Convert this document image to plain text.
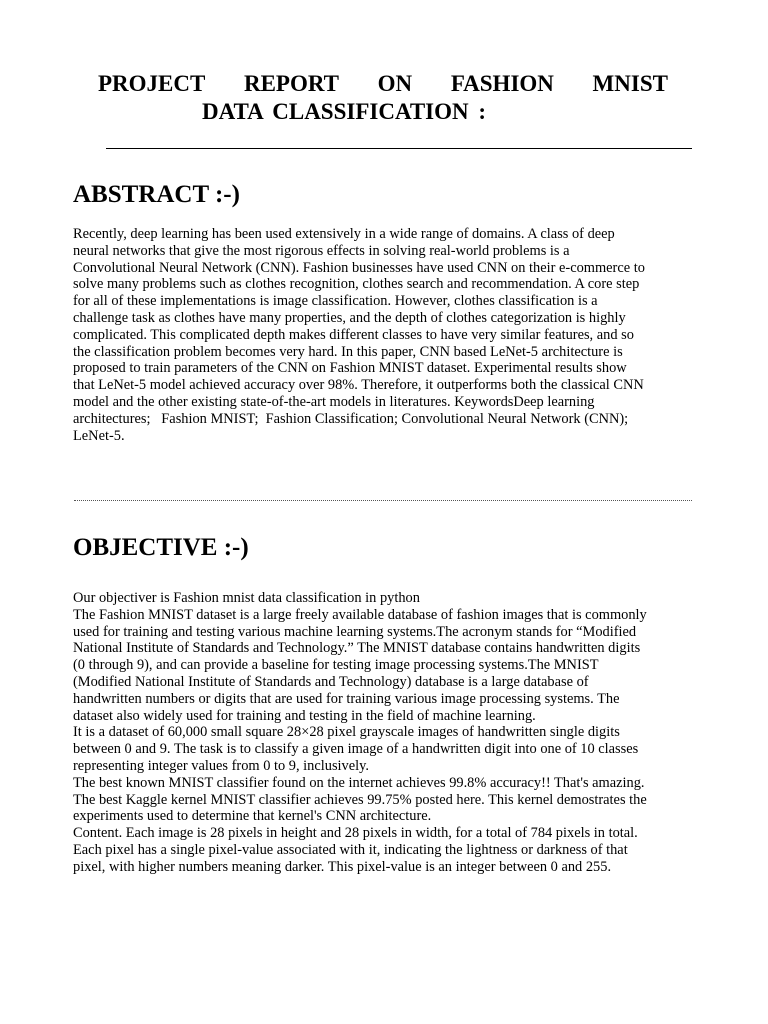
PROJECT REPORT ON FASHION MNIST
DATA CLASSIFICATION :
ABSTRACT :-)

Recently, deep learning has been used extensively in a wide range of domains. A class of deep

neural networks that give the most rigorous effects in solving real-world problems is a

Convolutional Neural Network (CNN). Fashion businesses have used CNN on their e-commerce to

solve many problems such as clothes recognition, clothes search and recommendation. A core step

for all of these implementations is image classification. However, clothes classification is a

challenge task as clothes have many properties, and the depth of clothes categorization is highly

complicated. This complicated depth makes different classes to have very similar features, and so

the classification problem becomes very hard. In this paper, CNN based LeNet-5 architecture is

proposed to train parameters of the CNN on Fashion MNIST dataset. Experimental results show

that LeNet-5 model achieved accuracy over 98%. Therefore, it outperforms both the classical CNN

model and the other existing state-of-the-art models in literatures. KeywordsDeep learning

architectures;   Fashion MNIST;  Fashion Classification; Convolutional Neural Network (CNN);

LeNet-5.

OBJECTIVE :-)

Our objectiver is Fashion mnist data classification in python

The Fashion MNIST dataset is a large freely available database of fashion images that is commonly

used for training and testing various machine learning systems.The acronym stands for “Modified

National Institute of Standards and Technology.” The MNIST database contains handwritten digits

(0 through 9), and can provide a baseline for testing image processing systems.The MNIST

(Modified National Institute of Standards and Technology) database is a large database of

handwritten numbers or digits that are used for training various image processing systems. The

dataset also widely used for training and testing in the field of machine learning.

It is a dataset of 60,000 small square 28×28 pixel grayscale images of handwritten single digits

between 0 and 9. The task is to classify a given image of a handwritten digit into one of 10 classes

representing integer values from 0 to 9, inclusively.

The best known MNIST classifier found on the internet achieves 99.8% accuracy!! That's amazing.

The best Kaggle kernel MNIST classifier achieves 99.75% posted here. This kernel demostrates the

experiments used to determine that kernel's CNN architecture.

Content. Each image is 28 pixels in height and 28 pixels in width, for a total of 784 pixels in total.

Each pixel has a single pixel-value associated with it, indicating the lightness or darkness of that

pixel, with higher numbers meaning darker. This pixel-value is an integer between 0 and 255.
